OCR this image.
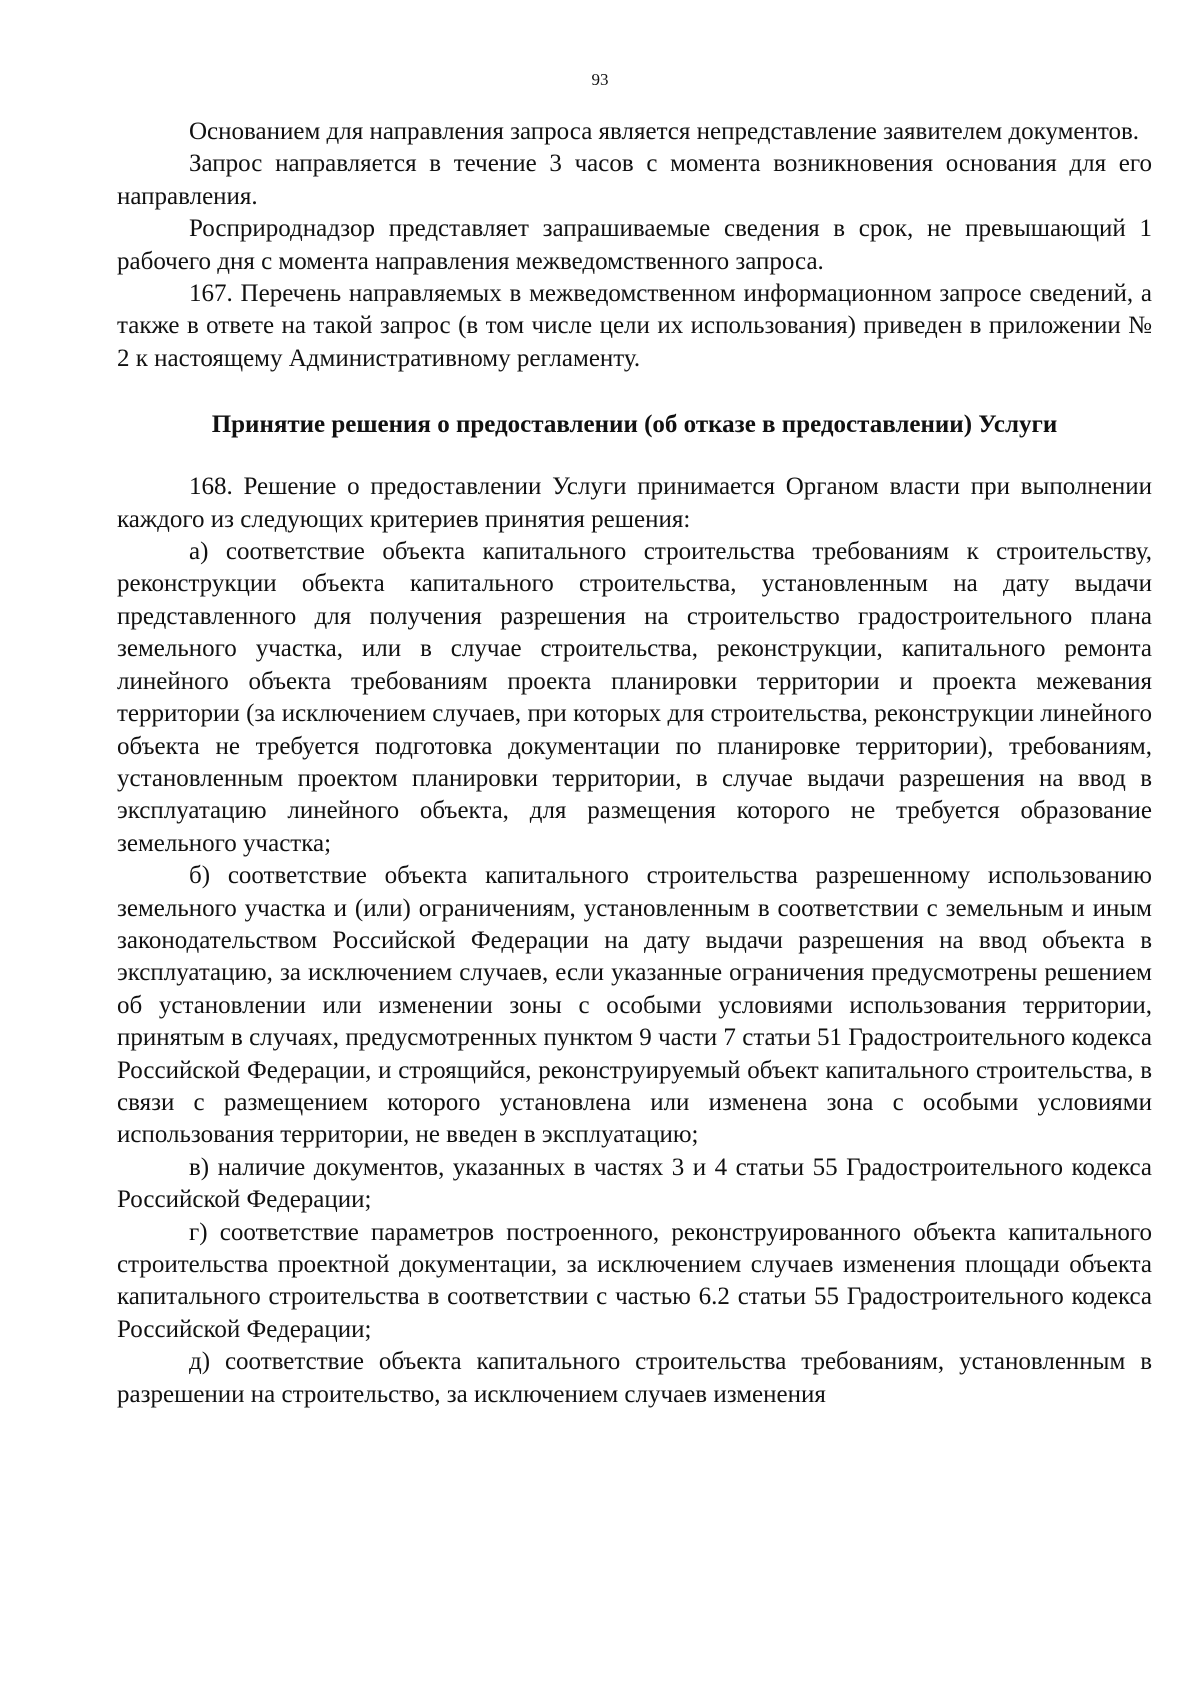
93

Основанием для направления запроса является непредставление заявителем документов.

Запрос направляется в течение 3 часов с момента возникновения основания для его направления.

Росприроднадзор представляет запрашиваемые сведения в срок, не превышающий 1 рабочего дня с момента направления межведомственного запроса.

167. Перечень направляемых в межведомственном информационном запросе сведений, а также в ответе на такой запрос (в том числе цели их использования) приведен в приложении № 2 к настоящему Административному регламенту.

Принятие решения о предоставлении (об отказе в предоставлении) Услуги

168. Решение о предоставлении Услуги принимается Органом власти при выполнении каждого из следующих критериев принятия решения:

а) соответствие объекта капитального строительства требованиям к строительству, реконструкции объекта капитального строительства, установленным на дату выдачи представленного для получения разрешения на строительство градостроительного плана земельного участка, или в случае строительства, реконструкции, капитального ремонта линейного объекта требованиям проекта планировки территории и проекта межевания территории (за исключением случаев, при которых для строительства, реконструкции линейного объекта не требуется подготовка документации по планировке территории), требованиям, установленным проектом планировки территории, в случае выдачи разрешения на ввод в эксплуатацию линейного объекта, для размещения которого не требуется образование земельного участка;

б) соответствие объекта капитального строительства разрешенному использованию земельного участка и (или) ограничениям, установленным в соответствии с земельным и иным законодательством Российской Федерации на дату выдачи разрешения на ввод объекта в эксплуатацию, за исключением случаев, если указанные ограничения предусмотрены решением об установлении или изменении зоны с особыми условиями использования территории, принятым в случаях, предусмотренных пунктом 9 части 7 статьи 51 Градостроительного кодекса Российской Федерации, и строящийся, реконструируемый объект капитального строительства, в связи с размещением которого установлена или изменена зона с особыми условиями использования территории, не введен в эксплуатацию;

в) наличие документов, указанных в частях 3 и 4 статьи 55 Градостроительного кодекса Российской Федерации;

г) соответствие параметров построенного, реконструированного объекта капитального строительства проектной документации, за исключением случаев изменения площади объекта капитального строительства в соответствии с частью 6.2 статьи 55 Градостроительного кодекса Российской Федерации;

д) соответствие объекта капитального строительства требованиям, установленным в разрешении на строительство, за исключением случаев изменения
